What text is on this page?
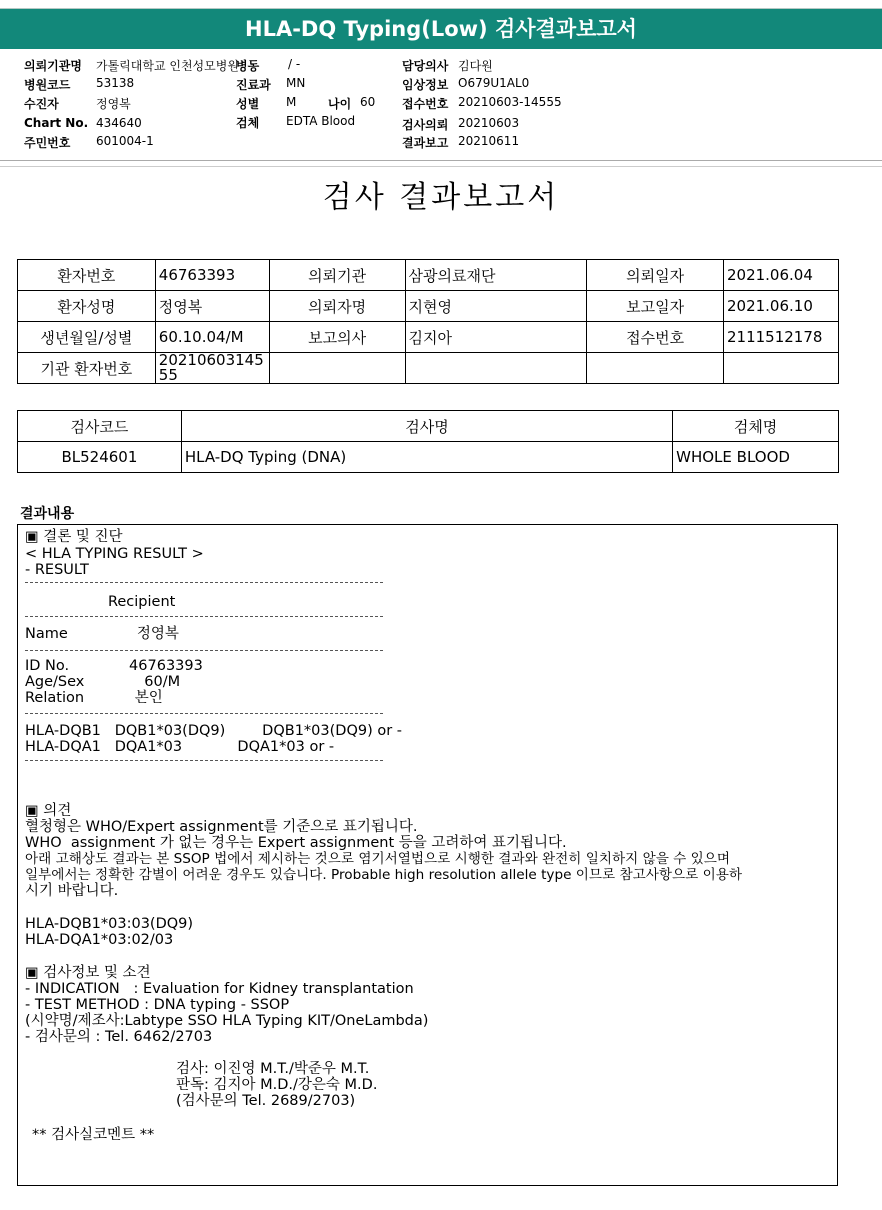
HLA-DQ Typing(Low) 검사결과보고서
의뢰기관명 가톨릭대학교 인천성모병원
병원코드 53138
수진자	정영복
Chart No. 434640
주민번호 601004-1
병동 / -
진료과 MN
성별 M	나이 60
검체 EDTA Blood
담당의사 김다원
임상정보 O679U1AL0
접수번호 20210603-14555
검사의뢰 20210603
결과보고 20210611
검사 결과보고서
환자번호	46763393	의뢰기관	삼광의료재단	의뢰일자	2021.06.04
환자성명	정영복	의뢰자명	지현영	보고일자	2021.06.10
생년월일/성별	60.10.04/M	보고의사	김지아	접수번호	2111512178
기관 환자번호	2021060314555				
검사코드	검사명	검체명
BL524601	HLA-DQ Typing (DNA)	WHOLE BLOOD
결과내용
▣ 결론 및 진단
< HLA TYPING RESULT >
- RESULT
Recipient
Name               정영복
ID No.             46763393
Age/Sex             60/M
Relation           본인
HLA-DQB1   DQB1*03(DQ9)        DQB1*03(DQ9) or -
HLA-DQA1   DQA1*03            DQA1*03 or -
▣ 의견
혈청형은 WHO/Expert assignment를 기준으로 표기됩니다.
WHO  assignment 가 없는 경우는 Expert assignment 등을 고려하여 표기됩니다.
아래 고해상도 결과는 본 SSOP 법에서 제시하는 것으로 염기서열법으로 시행한 결과와 완전히 일치하지 않을 수 있으며
일부에서는 정확한 감별이 어려운 경우도 있습니다. Probable high resolution allele type 이므로 참고사항으로 이용하
시기 바랍니다.
HLA-DQB1*03:03(DQ9)
HLA-DQA1*03:02/03
▣ 검사정보 및 소견
- INDICATION   : Evaluation for Kidney transplantation
- TEST METHOD : DNA typing - SSOP
(시약명/제조사:Labtype SSO HLA Typing KIT/OneLambda)
- 검사문의 : Tel. 6462/2703
검사: 이진영 M.T./박준우 M.T.
판독: 김지아 M.D./강은숙 M.D.
(검사문의 Tel. 2689/2703)
** 검사실코멘트 **
